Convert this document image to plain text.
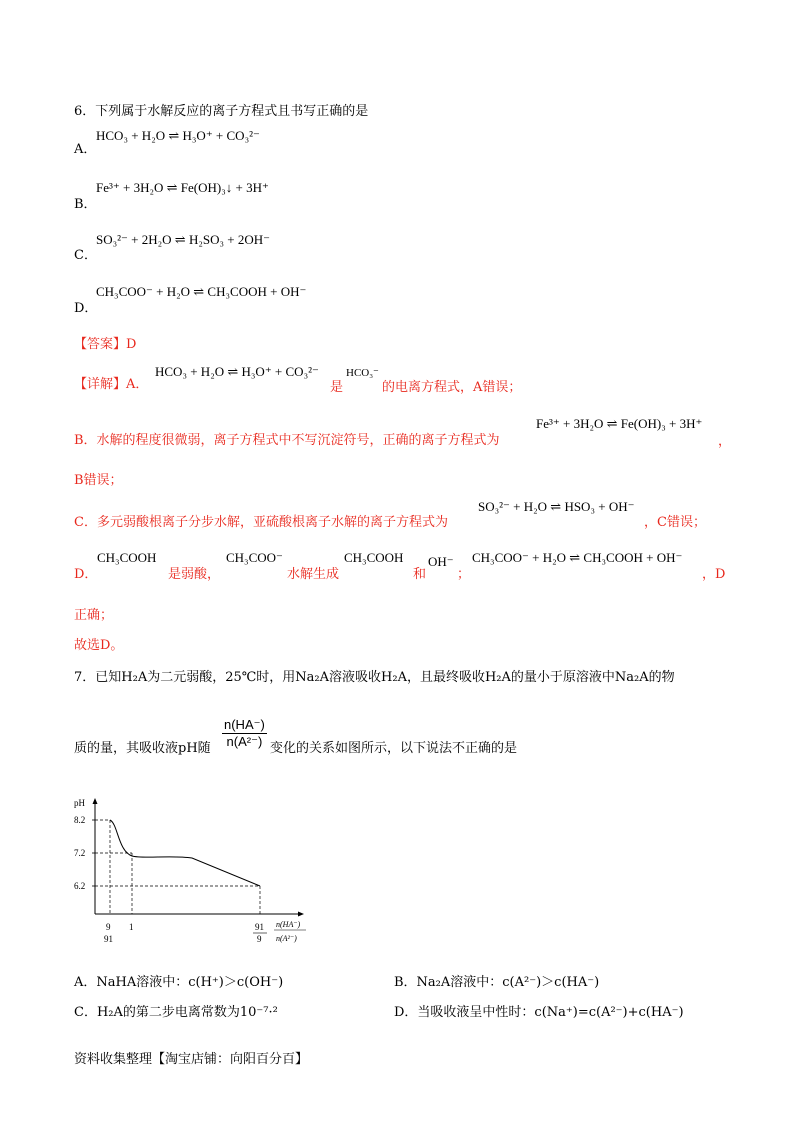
6．下列属于水解反应的离子方程式且书写正确的是
A．
HCO₃ + H₂O ⇌ H₃O⁺ + CO₃²⁻
B．
Fe³⁺ + 3H₂O ⇌ Fe(OH)₃↓ + 3H⁺
C．
SO₃²⁻ + 2H₂O ⇌ H₂SO₃ + 2OH⁻
D．
CH₃COO⁻ + H₂O ⇌ CH₃COOH + OH⁻
【答案】D
【详解】A．
HCO₃ + H₂O ⇌ H₃O⁺ + CO₃²⁻
是
HCO₃⁻
的电离方程式，A错误；
B．水解的程度很微弱，离子方程式中不写沉淀符号，正确的离子方程式为
Fe³⁺ + 3H₂O ⇌ Fe(OH)₃ + 3H⁺
，
B错误；
C．多元弱酸根离子分步水解，亚硫酸根离子水解的离子方程式为
SO₃²⁻ + H₂O ⇌ HSO₃ + OH⁻
，C错误；
D．
CH₃COOH
是弱酸，
CH₃COO⁻
水解生成
CH₃COOH
和
OH⁻
；
CH₃COO⁻ + H₂O ⇌ CH₃COOH + OH⁻
，D
正确；
故选D。
7．已知H₂A为二元弱酸，25℃时，用Na₂A溶液吸收H₂A，且最终吸收H₂A的量小于原溶液中Na₂A的物
质的量，其吸收液pH随 $\frac{n(HA^-)}{\text{n(A²⁻)}}$ 变化的关系如图所示，以下说法不正确的是
pH
8.2
7.2
6.2
9
91
1	91
9
n(HA⁻)
n(A²⁻)
A．NaHA溶液中：c(H⁺)＞c(OH⁻)	B．Na₂A溶液中：c(A²⁻)＞c(HA⁻)
C．H₂A的第二步电离常数为10⁻⁷·²	D．当吸收液呈中性时：c(Na⁺)=c(A²⁻)+c(HA⁻)
资料收集整理【淘宝店铺：向阳百分百】
